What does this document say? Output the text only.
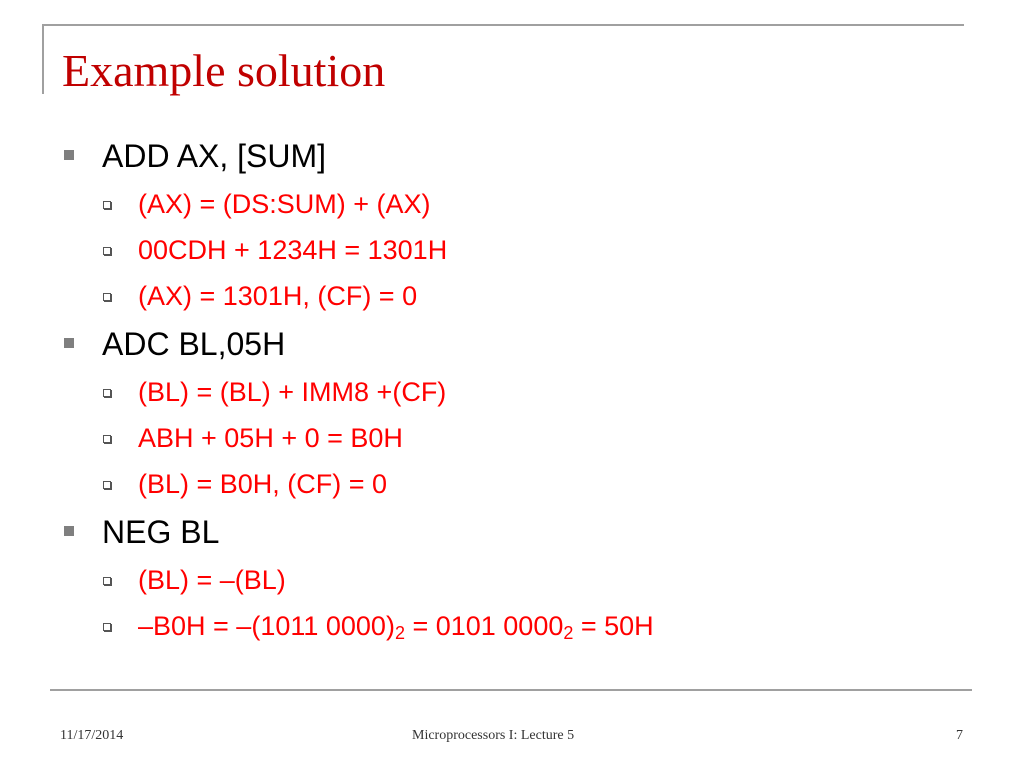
Example solution
ADD AX, [SUM]
(AX) = (DS:SUM) + (AX)
00CDH + 1234H = 1301H
(AX) = 1301H, (CF) = 0
ADC BL,05H
(BL) = (BL) + IMM8 +(CF)
ABH + 05H + 0 = B0H
(BL) = B0H, (CF) = 0
NEG BL
(BL) = –(BL)
–B0H = –(1011 $0000)_2 = 0101$ $0000_2 = 50H$
11/17/2014	Microprocessors I: Lecture 5	7
